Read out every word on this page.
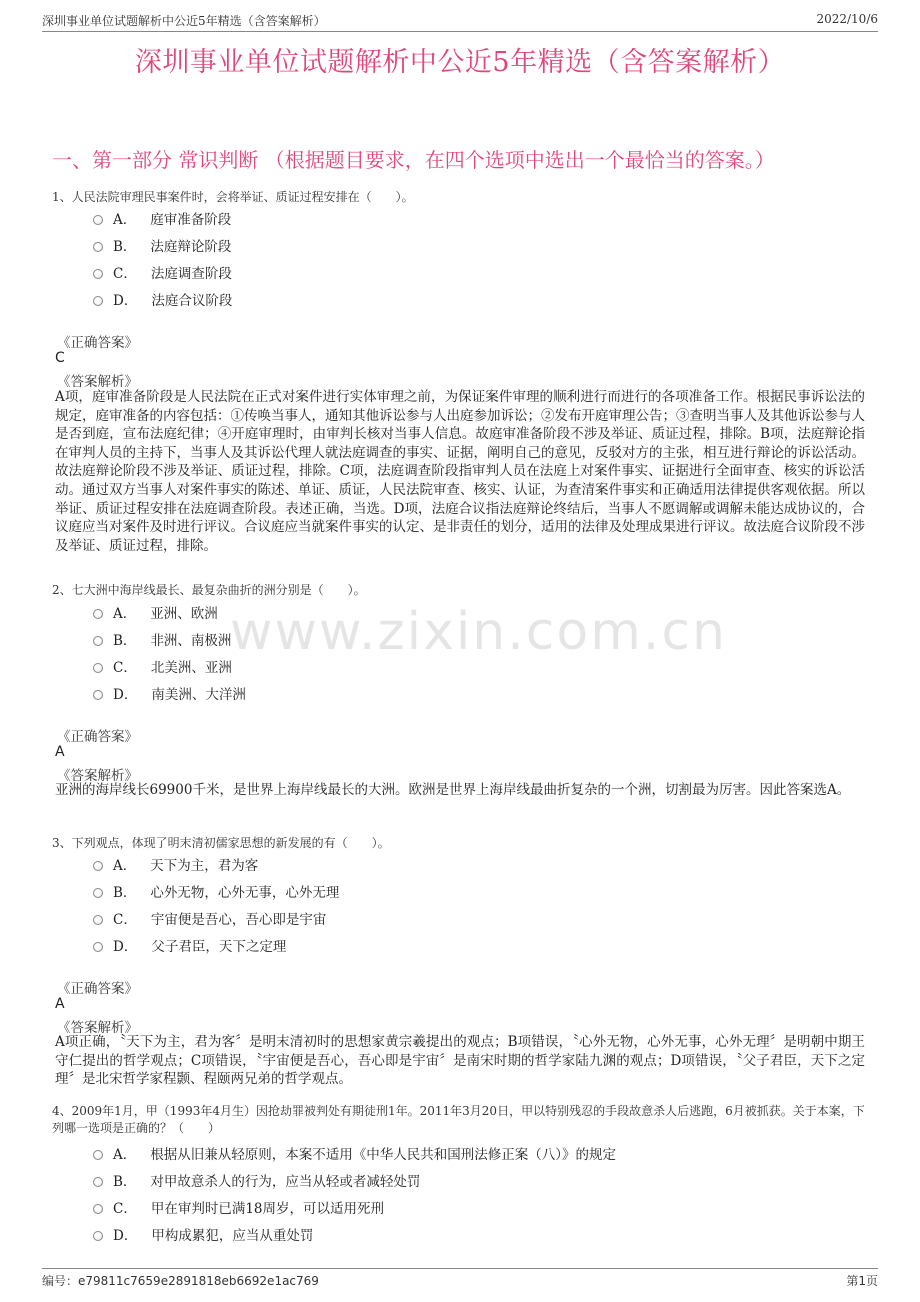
深圳事业单位试题解析中公近5年精选（含答案解析）	2022/10/6
深圳事业单位试题解析中公近5年精选（含答案解析）
一、第一部分 常识判断 （根据题目要求，在四个选项中选出一个最恰当的答案。）
1、人民法院审理民事案件时，会将举证、质证过程安排在（　　）。
A． 庭审准备阶段
B． 法庭辩论阶段
C． 法庭调查阶段
D． 法庭合议阶段
《正确答案》
C
《答案解析》
A项，庭审准备阶段是人民法院在正式对案件进行实体审理之前，为保证案件审理的顺利进行而进行的各项准备工作。根据民事诉讼法的规定，庭审准备的内容包括：①传唤当事人，通知其他诉讼参与人出庭参加诉讼；②发布开庭审理公告；③查明当事人及其他诉讼参与人是否到庭，宣布法庭纪律；④开庭审理时，由审判长核对当事人信息。故庭审准备阶段不涉及举证、质证过程，排除。B项，法庭辩论指在审判人员的主持下，当事人及其诉讼代理人就法庭调查的事实、证据，阐明自己的意见，反驳对方的主张，相互进行辩论的诉讼活动。故法庭辩论阶段不涉及举证、质证过程，排除。C项，法庭调查阶段指审判人员在法庭上对案件事实、证据进行全面审查、核实的诉讼活动。通过双方当事人对案件事实的陈述、单证、质证，人民法院审查、核实、认证，为查清案件事实和正确适用法律提供客观依据。所以举证、质证过程安排在法庭调查阶段。表述正确，当选。D项，法庭合议指法庭辩论终结后，当事人不愿调解或调解未能达成协议的，合议庭应当对案件及时进行评议。合议庭应当就案件事实的认定、是非责任的划分，适用的法律及处理成果进行评议。故法庭合议阶段不涉及举证、质证过程，排除。
2、七大洲中海岸线最长、最复杂曲折的洲分别是（　　）。
A． 亚洲、欧洲
B． 非洲、南极洲
C． 北美洲、亚洲
D． 南美洲、大洋洲
《正确答案》
A
《答案解析》
亚洲的海岸线长69900千米，是世界上海岸线最长的大洲。欧洲是世界上海岸线最曲折复杂的一个洲，切割最为厉害。因此答案选A。
3、下列观点，体现了明末清初儒家思想的新发展的有（　　）。
A． 天下为主，君为客
B． 心外无物，心外无事，心外无理
C． 宇宙便是吾心，吾心即是宇宙
D． 父子君臣，天下之定理
《正确答案》
A
《答案解析》
A项正确，〝天下为主，君为客〞是明末清初时的思想家黄宗羲提出的观点；B项错误，〝心外无物，心外无事，心外无理〞是明朝中期王守仁提出的哲学观点；C项错误，〝宇宙便是吾心，吾心即是宇宙〞是南宋时期的哲学家陆九渊的观点；D项错误，〝父子君臣，天下之定理〞是北宋哲学家程颢、程颐两兄弟的哲学观点。
4、2009年1月，甲（1993年4月生）因抢劫罪被判处有期徒刑1年。2011年3月20日，甲以特别残忍的手段故意杀人后逃跑，6月被抓获。关于本案，下列哪一选项是正确的？（　　）
A． 根据从旧兼从轻原则，本案不适用《中华人民共和国刑法修正案（八）》的规定
B． 对甲故意杀人的行为，应当从轻或者减轻处罚
C． 甲在审判时已满18周岁，可以适用死刑
D． 甲构成累犯，应当从重处罚
www.zixin.com.cn
编号：e79811c7659e2891818eb6692e1ac769	第1页
